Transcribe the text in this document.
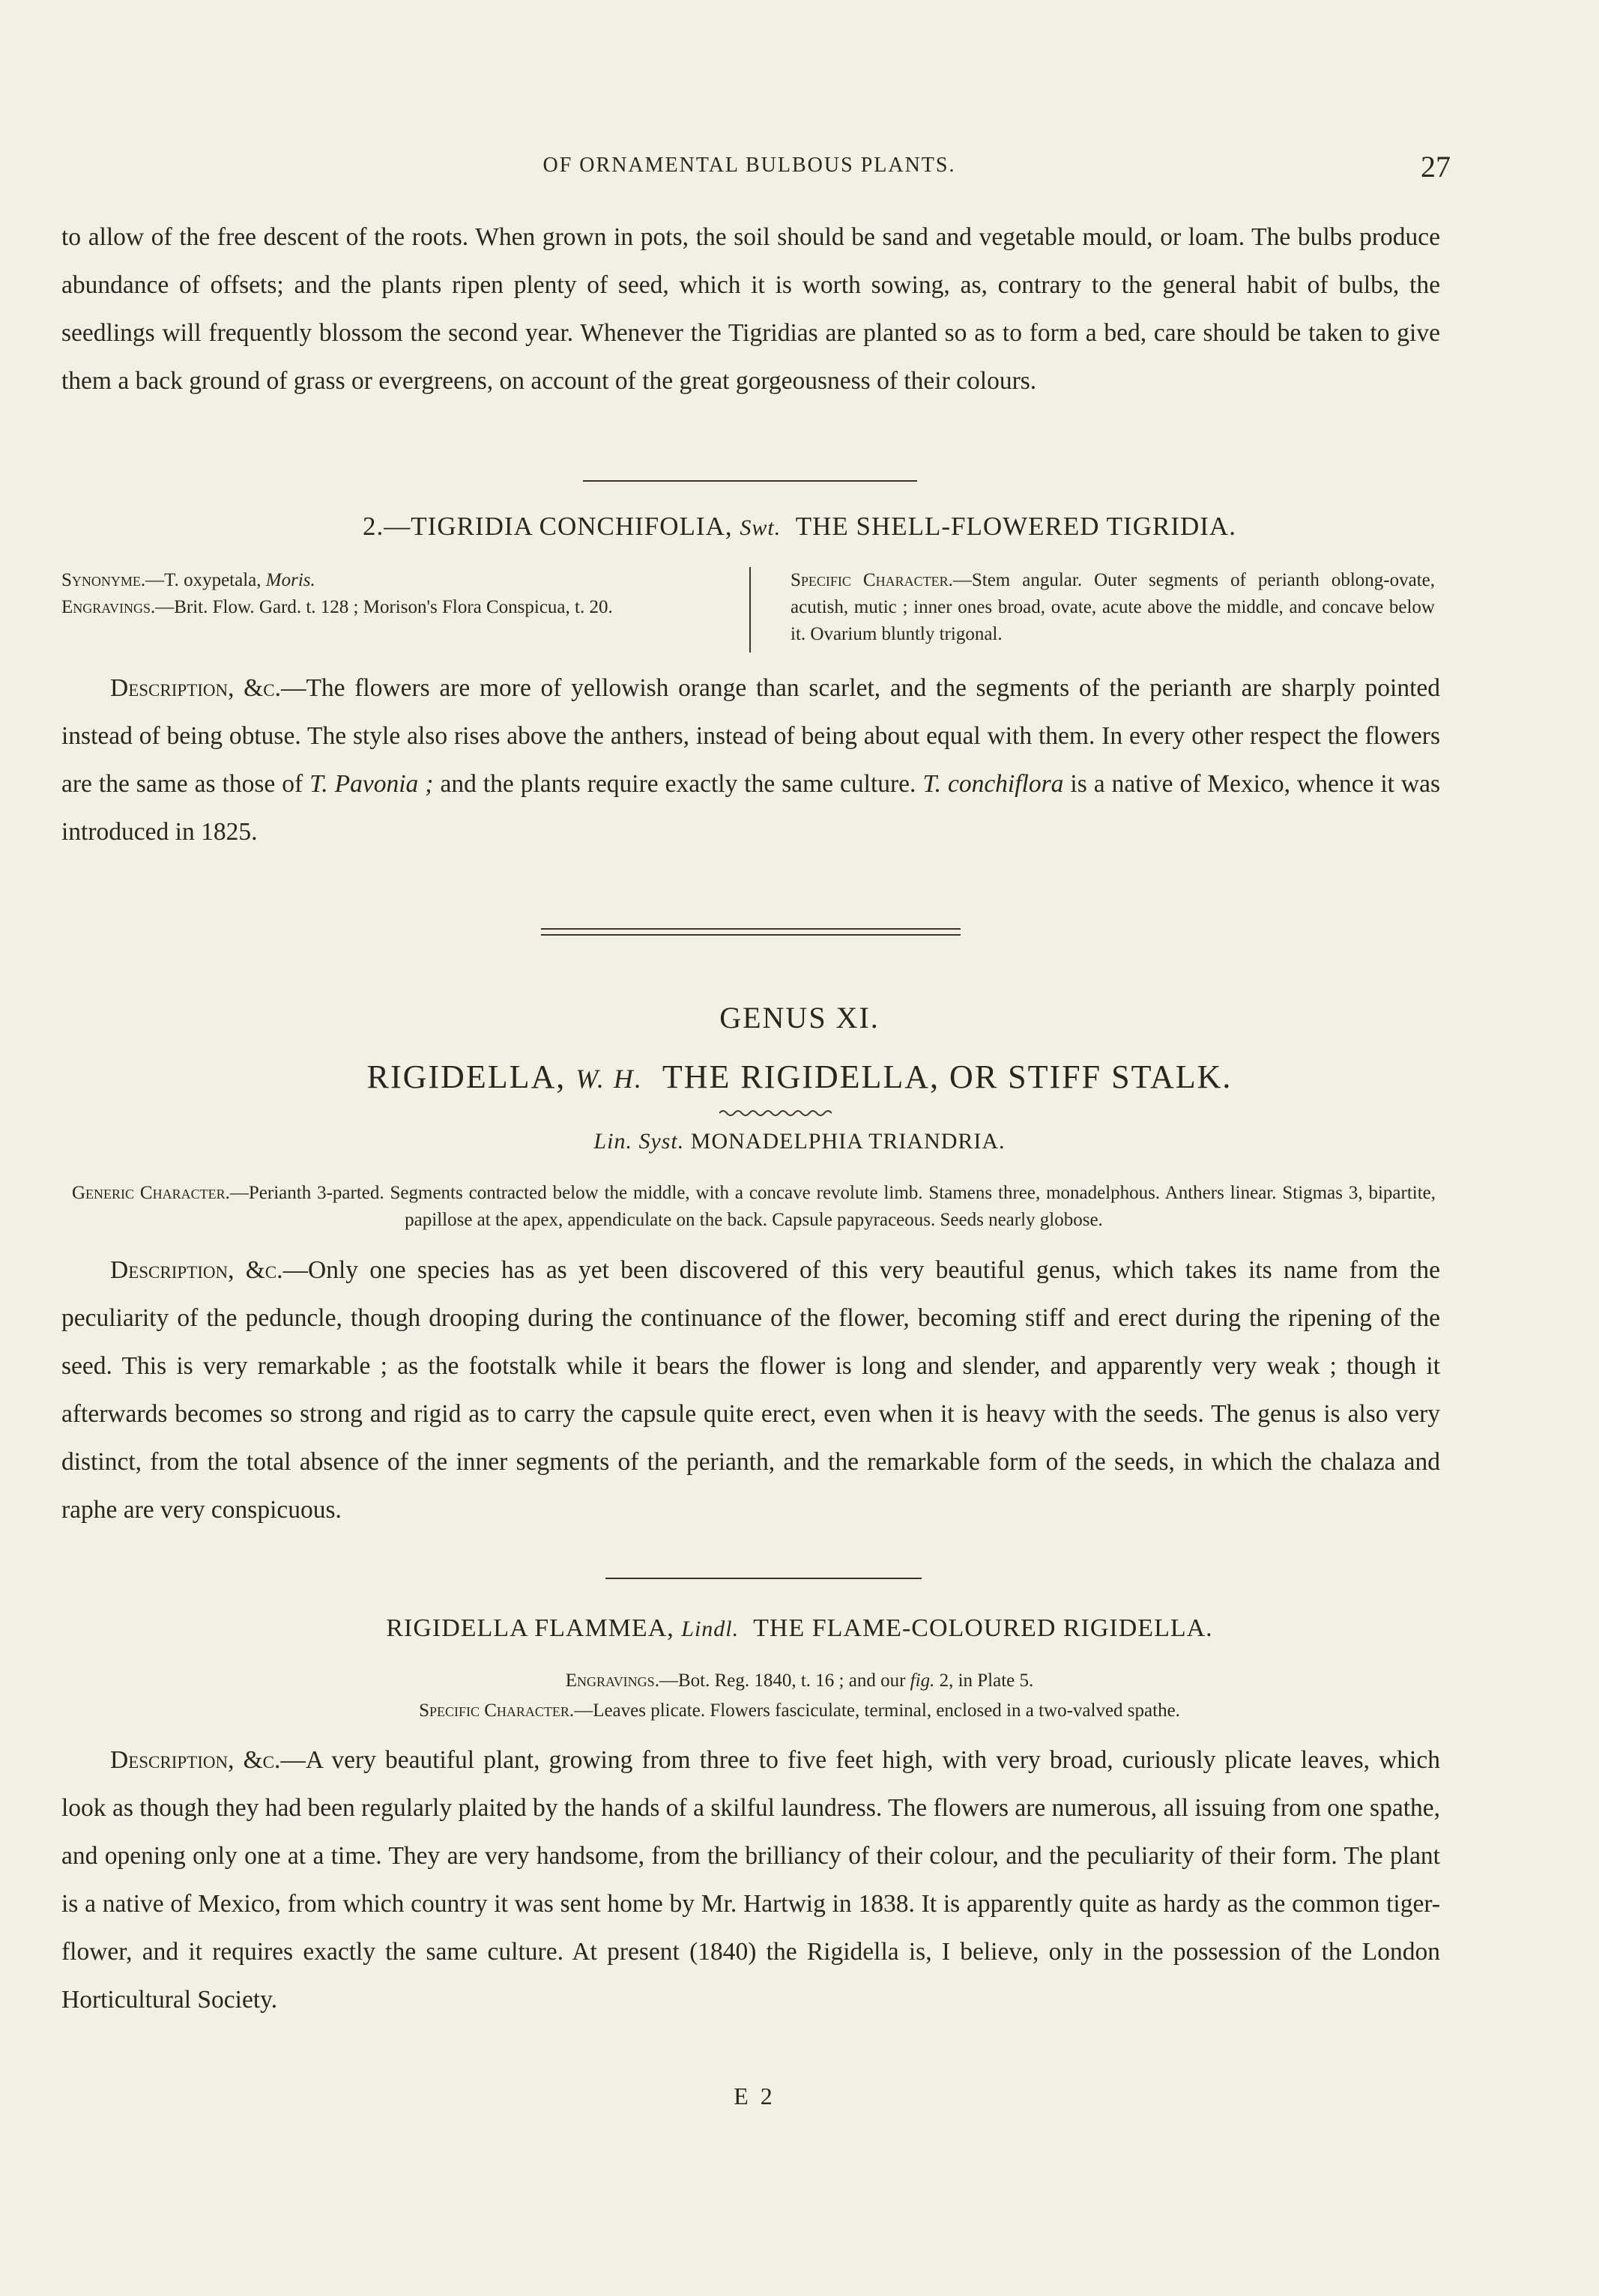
OF ORNAMENTAL BULBOUS PLANTS.	27

to allow of the free descent of the roots. When grown in pots, the soil should be sand and vegetable mould, or loam. The bulbs produce abundance of offsets; and the plants ripen plenty of seed, which it is worth sowing, as, contrary to the general habit of bulbs, the seedlings will frequently blossom the second year. Whenever the Tigridias are planted so as to form a bed, care should be taken to give them a back ground of grass or evergreens, on account of the great gorgeousness of their colours.

2.—TIGRIDIA CONCHIFOLIA, Swt. THE SHELL-FLOWERED TIGRIDIA.
Synonyme.—T. oxypetala, Moris.
Engravings.—Brit. Flow. Gard. t. 128 ; Morison's Flora Conspicua, t. 20.
Specific Character.—Stem angular. Outer segments of perianth oblong-ovate, acutish, mutic ; inner ones broad, ovate, acute above the middle, and concave below it. Ovarium bluntly trigonal.

Description, &c.—The flowers are more of yellowish orange than scarlet, and the segments of the perianth are sharply pointed instead of being obtuse. The style also rises above the anthers, instead of being about equal with them. In every other respect the flowers are the same as those of T. Pavonia ; and the plants require exactly the same culture. T. conchiflora is a native of Mexico, whence it was introduced in 1825.

GENUS XI.
RIGIDELLA, W. H. THE RIGIDELLA, OR STIFF STALK.
Lin. Syst. MONADELPHIA TRIANDRIA.
Generic Character.—Perianth 3-parted. Segments contracted below the middle, with a concave revolute limb. Stamens three, monadelphous. Anthers linear. Stigmas 3, bipartite, papillose at the apex, appendiculate on the back. Capsule papyraceous. Seeds nearly globose.

Description, &c.—Only one species has as yet been discovered of this very beautiful genus, which takes its name from the peculiarity of the peduncle, though drooping during the continuance of the flower, becoming stiff and erect during the ripening of the seed. This is very remarkable ; as the footstalk while it bears the flower is long and slender, and apparently very weak ; though it afterwards becomes so strong and rigid as to carry the capsule quite erect, even when it is heavy with the seeds. The genus is also very distinct, from the total absence of the inner segments of the perianth, and the remarkable form of the seeds, in which the chalaza and raphe are very conspicuous.

RIGIDELLA FLAMMEA, Lindl. THE FLAME-COLOURED RIGIDELLA.
Engravings.—Bot. Reg. 1840, t. 16 ; and our fig. 2, in Plate 5.
Specific Character.—Leaves plicate. Flowers fasciculate, terminal, enclosed in a two-valved spathe.

Description, &c.—A very beautiful plant, growing from three to five feet high, with very broad, curiously plicate leaves, which look as though they had been regularly plaited by the hands of a skilful laundress. The flowers are numerous, all issuing from one spathe, and opening only one at a time. They are very handsome, from the brilliancy of their colour, and the peculiarity of their form. The plant is a native of Mexico, from which country it was sent home by Mr. Hartwig in 1838. It is apparently quite as hardy as the common tiger-flower, and it requires exactly the same culture. At present (1840) the Rigidella is, I believe, only in the possession of the London Horticultural Society.

E 2
